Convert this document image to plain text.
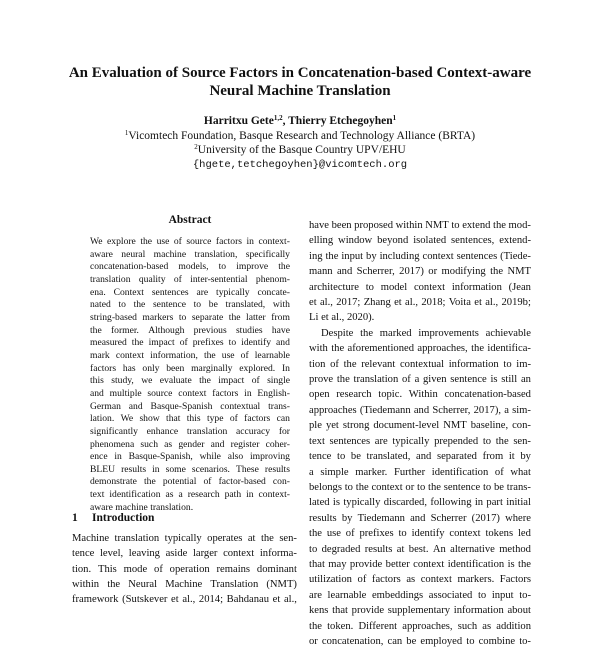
An Evaluation of Source Factors in Concatenation-based Context-aware
Neural Machine Translation
Harritxu Gete$^{1,2}$, Thierry Etchegoyhen$^1$
$^1$Vicomtech Foundation, Basque Research and Technology Alliance (BRTA)
$^2$University of the Basque Country UPV/EHU
{hgete,tetchegoyhen}@vicomtech.org
Abstract
We explore the use of source factors in context-
aware neural machine translation, specifically
concatenation-based models, to improve the
translation quality of inter-sentential phenom-
ena. Context sentences are typically concate-
nated to the sentence to be translated, with
string-based markers to separate the latter from
the former. Although previous studies have
measured the impact of prefixes to identify and
mark context information, the use of learnable
factors has only been marginally explored. In
this study, we evaluate the impact of single
and multiple source context factors in English-
German and Basque-Spanish contextual trans-
lation. We show that this type of factors can
significantly enhance translation accuracy for
phenomena such as gender and register coher-
ence in Basque-Spanish, while also improving
BLEU results in some scenarios. These results
demonstrate the potential of factor-based con-
text identification as a research path in context-
aware machine translation.
1 Introduction
Machine translation typically operates at the sen-
tence level, leaving aside larger context informa-
tion. This mode of operation remains dominant
within the Neural Machine Translation (NMT)
framework (Sutskever et al., 2014; Bahdanau et al.,
have been proposed within NMT to extend the mod-
elling window beyond isolated sentences, extend-
ing the input by including context sentences (Tiede-
mann and Scherrer, 2017) or modifying the NMT
architecture to model context information (Jean
et al., 2017; Zhang et al., 2018; Voita et al., 2019b;
Li et al., 2020).
Despite the marked improvements achievable
with the aforementioned approaches, the identifica-
tion of the relevant contextual information to im-
prove the translation of a given sentence is still an
open research topic. Within concatenation-based
approaches (Tiedemann and Scherrer, 2017), a sim-
ple yet strong document-level NMT baseline, con-
text sentences are typically prepended to the sen-
tence to be translated, and separated from it by
a simple marker. Further identification of what
belongs to the context or to the sentence to be trans-
lated is typically discarded, following in part initial
results by Tiedemann and Scherrer (2017) where
the use of prefixes to identify context tokens led
to degraded results at best. An alternative method
that may provide better context identification is the
utilization of factors as context markers. Factors
are learnable embeddings associated to input to-
kens that provide supplementary information about
the token. Different approaches, such as addition
or concatenation, can be employed to combine to-
